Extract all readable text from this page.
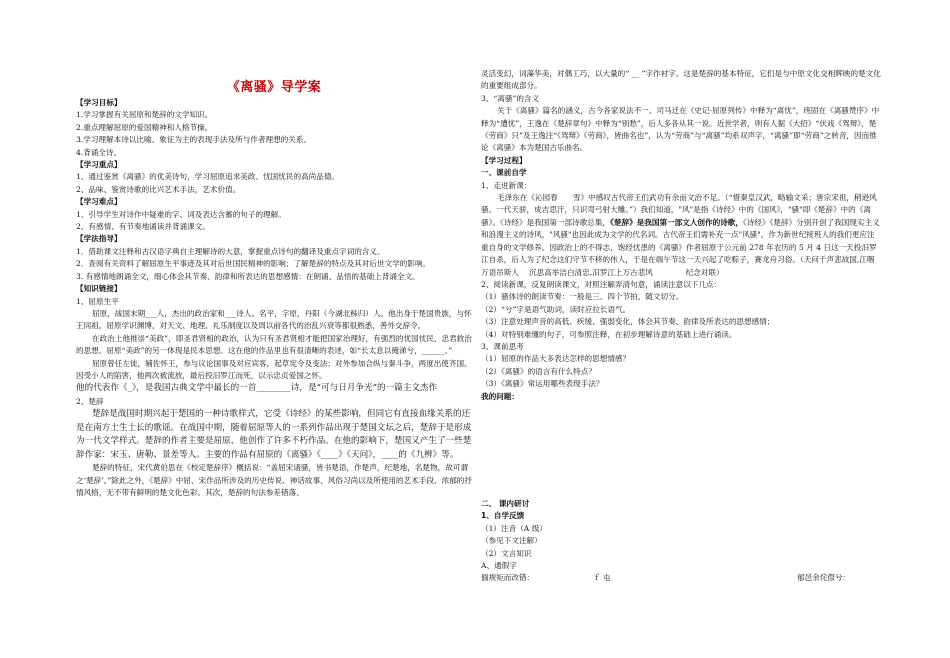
《离骚》导学案
【学习目标】

1.学习掌握有关屈原和楚辞的文学知识。

2.重点理解屈原的爱国精神和人格节操。

3.学习理解本诗以比喻、象征为主的表现手法及所与作者理想的关系。

4.背诵全诗。

【学习重点】

1、通过鉴赏《离骚》的优美诗句，学习屈原追求美政、忧国忧民的高尚品德。

2、品味、鉴赏诗歌的比兴艺术手法，艺术价值。

【学习难点】

1、引导学生对诗作中疑难的字、词及表达含蓄的句子的理解。

2、有感情、有节奏地诵读并背诵课文。

【学法指导】

1．借助课文注释和古汉语字典自主理解诗的大意，掌握重点诗句的翻译及重点字词的含义。

2．查阅有关资料了解屈原生平事迹及其对后世国民精神的影响；了解楚辞的特点及其对后世文学的影响。

3. 有感情地朗诵全文，细心体会其节奏、韵律和所表达的思想感情：在朗诵、品悟的基础上背诵全文。

【知识链接】

1、屈原生平

屈原，战国末期___人，杰出的政治家和___诗人。名平，字原，丹阳（今湖北秭归）人。他出身于楚国贵族，与怀王同祖。屈原学识渊博，对天文、地理、礼乐制度以及周以前各代的治乱兴衰等都很熟悉，善外交辞令。

在政治上他推崇“美政”，即圣君贤相的政治，认为只有圣君贤相才能把国家治理好，有强烈的忧国忧民、忠君救治的思想。屈原“美政”的另一体现是民本思想。这在他的作品里也有很清晰的表述，如“长太息以掩涕兮，______。”

屈原曾任左徒，辅佐怀王，参与议论国事及对应宾客，起草宪令及变法；对外参加合纵与秦斗争，两度出使齐国。因受小人的陷害，他两次被流放，最后投汨罗江而死，以示忠贞爱国之怀。

他的代表作《_》，是我国古典文学中最长的一首________诗，是“可与日月争光”的一篇主文杰作

2、楚辞

楚辞是战国时期兴起于楚国的一种诗歌样式，它受《诗经》的某些影响，但同它有直接血缘关系的还是在南方土生土长的歌谣。在战国中期，随着屈原等人的一系列作品出现于楚国文坛之后，楚辞于是形成为一代文学样式。楚辞的作者主要是屈原，他创作了许多不朽作品。在他的影响下，楚国又产生了一些楚辞作家：宋玉、唐勒、景差等人。主要的作品有屈原的《离骚》《____》《天问》，____的《九辨》等。

楚辞的特征，宋代黄伯思在《校定楚辞序》概括说：“盖屈宋诸骚，皆书楚语，作楚声，纪楚地，名楚物，故可谓之‘楚辞’。”除此之外，《楚辞》中屈、宋作品所涉及的历史传说、神话故事、风俗习尚以及所使用的艺术手段、浓郁的抒情风格，无不带有鲜明的楚文化色彩。其次，楚辞的句法参差错落、

灵活变幻，词藻华美，对偶工巧，以大量的“ __ ”字作衬字。这是楚辞的基本特征，它们是与中原文化交相辉映的楚文化的重要组成部分。

3、“离骚”的含义

关于《离骚》篇名的涵义，古今各家说法不一。司马迁在《史记·屈原列传》中释为“离忧”，班固在《离骚赞序》中释为“遭忧”，王逸在《楚辞章句》中释为“别愁”，后人多各从其一说。近世学者，则有人据《大招》“伏戏《驾辩》，楚《劳商》只”及王逸注“《驾辩》《劳商》，皆曲名也”，认为“劳商”与“离骚”均系双声字，“离骚”即“劳商”之转音，因而推论《离骚》本为楚国古乐曲名。

【学习过程】
一、课前自学

1、走进新课：

毛泽东在《沁园春　　雪》中感叹古代帝王们武功有余而文治不足。（“惜秦皇汉武，略输文采；唐宗宋祖，稍逊风骚。一代天骄，成吉思汗，只识弯弓射大雕。”）我们知道，"风"是指《诗经》中的《国风》，"骚"即《楚辞》中的《离骚》。《诗经》是我国第一部诗歌总集，《楚辞》是我国第一部文人创作的诗歌，《诗经》《楚辞》分别开创了我国现实主义和浪漫主义的诗风，"风骚"也因此成为文学的代名词。古代帝王们需补充一点"风骚"，作为新世纪接班人的我们更应注重自身的文学修养。因政治上的不得志，饱经忧患的《离骚》作者屈原于公元前 278 年农历的 5 月 4 日这一天投汨罗江自杀，后人为了纪念这们守节不移的伟人，于是在端午节这一天兴起了吃粽子，赛龙舟习俗。（天问千声悲故国,江咽万语吊斯人　 沉思高举洁白清忠,汨罗江上万古悲风　　　　 纪念对联）

2、阅读新课，反复朗读课文，对照注解弄清句意，诵读注意以下几点：

（1）骚体诗的朗读节奏：一般是三、四个节拍，随文切分。

（2）“兮”字是语气助词，读时应拉长语气。

（3）注意处理声音的高低、疾缓、强弱变化，体会其节奏、韵律及所表达的思想感情；

（4）对特别难懂的句子，可参照注释，在初步理解诗意的基础上进行诵读。

3、课前思考

（1）屈原的作品大多表达怎样的思想情感？

（2）《离骚》的语言有什么特点？

（3）《离骚》常运用哪些表现手法？

我的问题：
二、 课内研讨
1、自学反馈

（1）注音（A 级）

（参见下文注解）

（2）文言知识

A、通假字

偭规矩而改错：	ｆ 屯	郁邑余侘傺兮：
